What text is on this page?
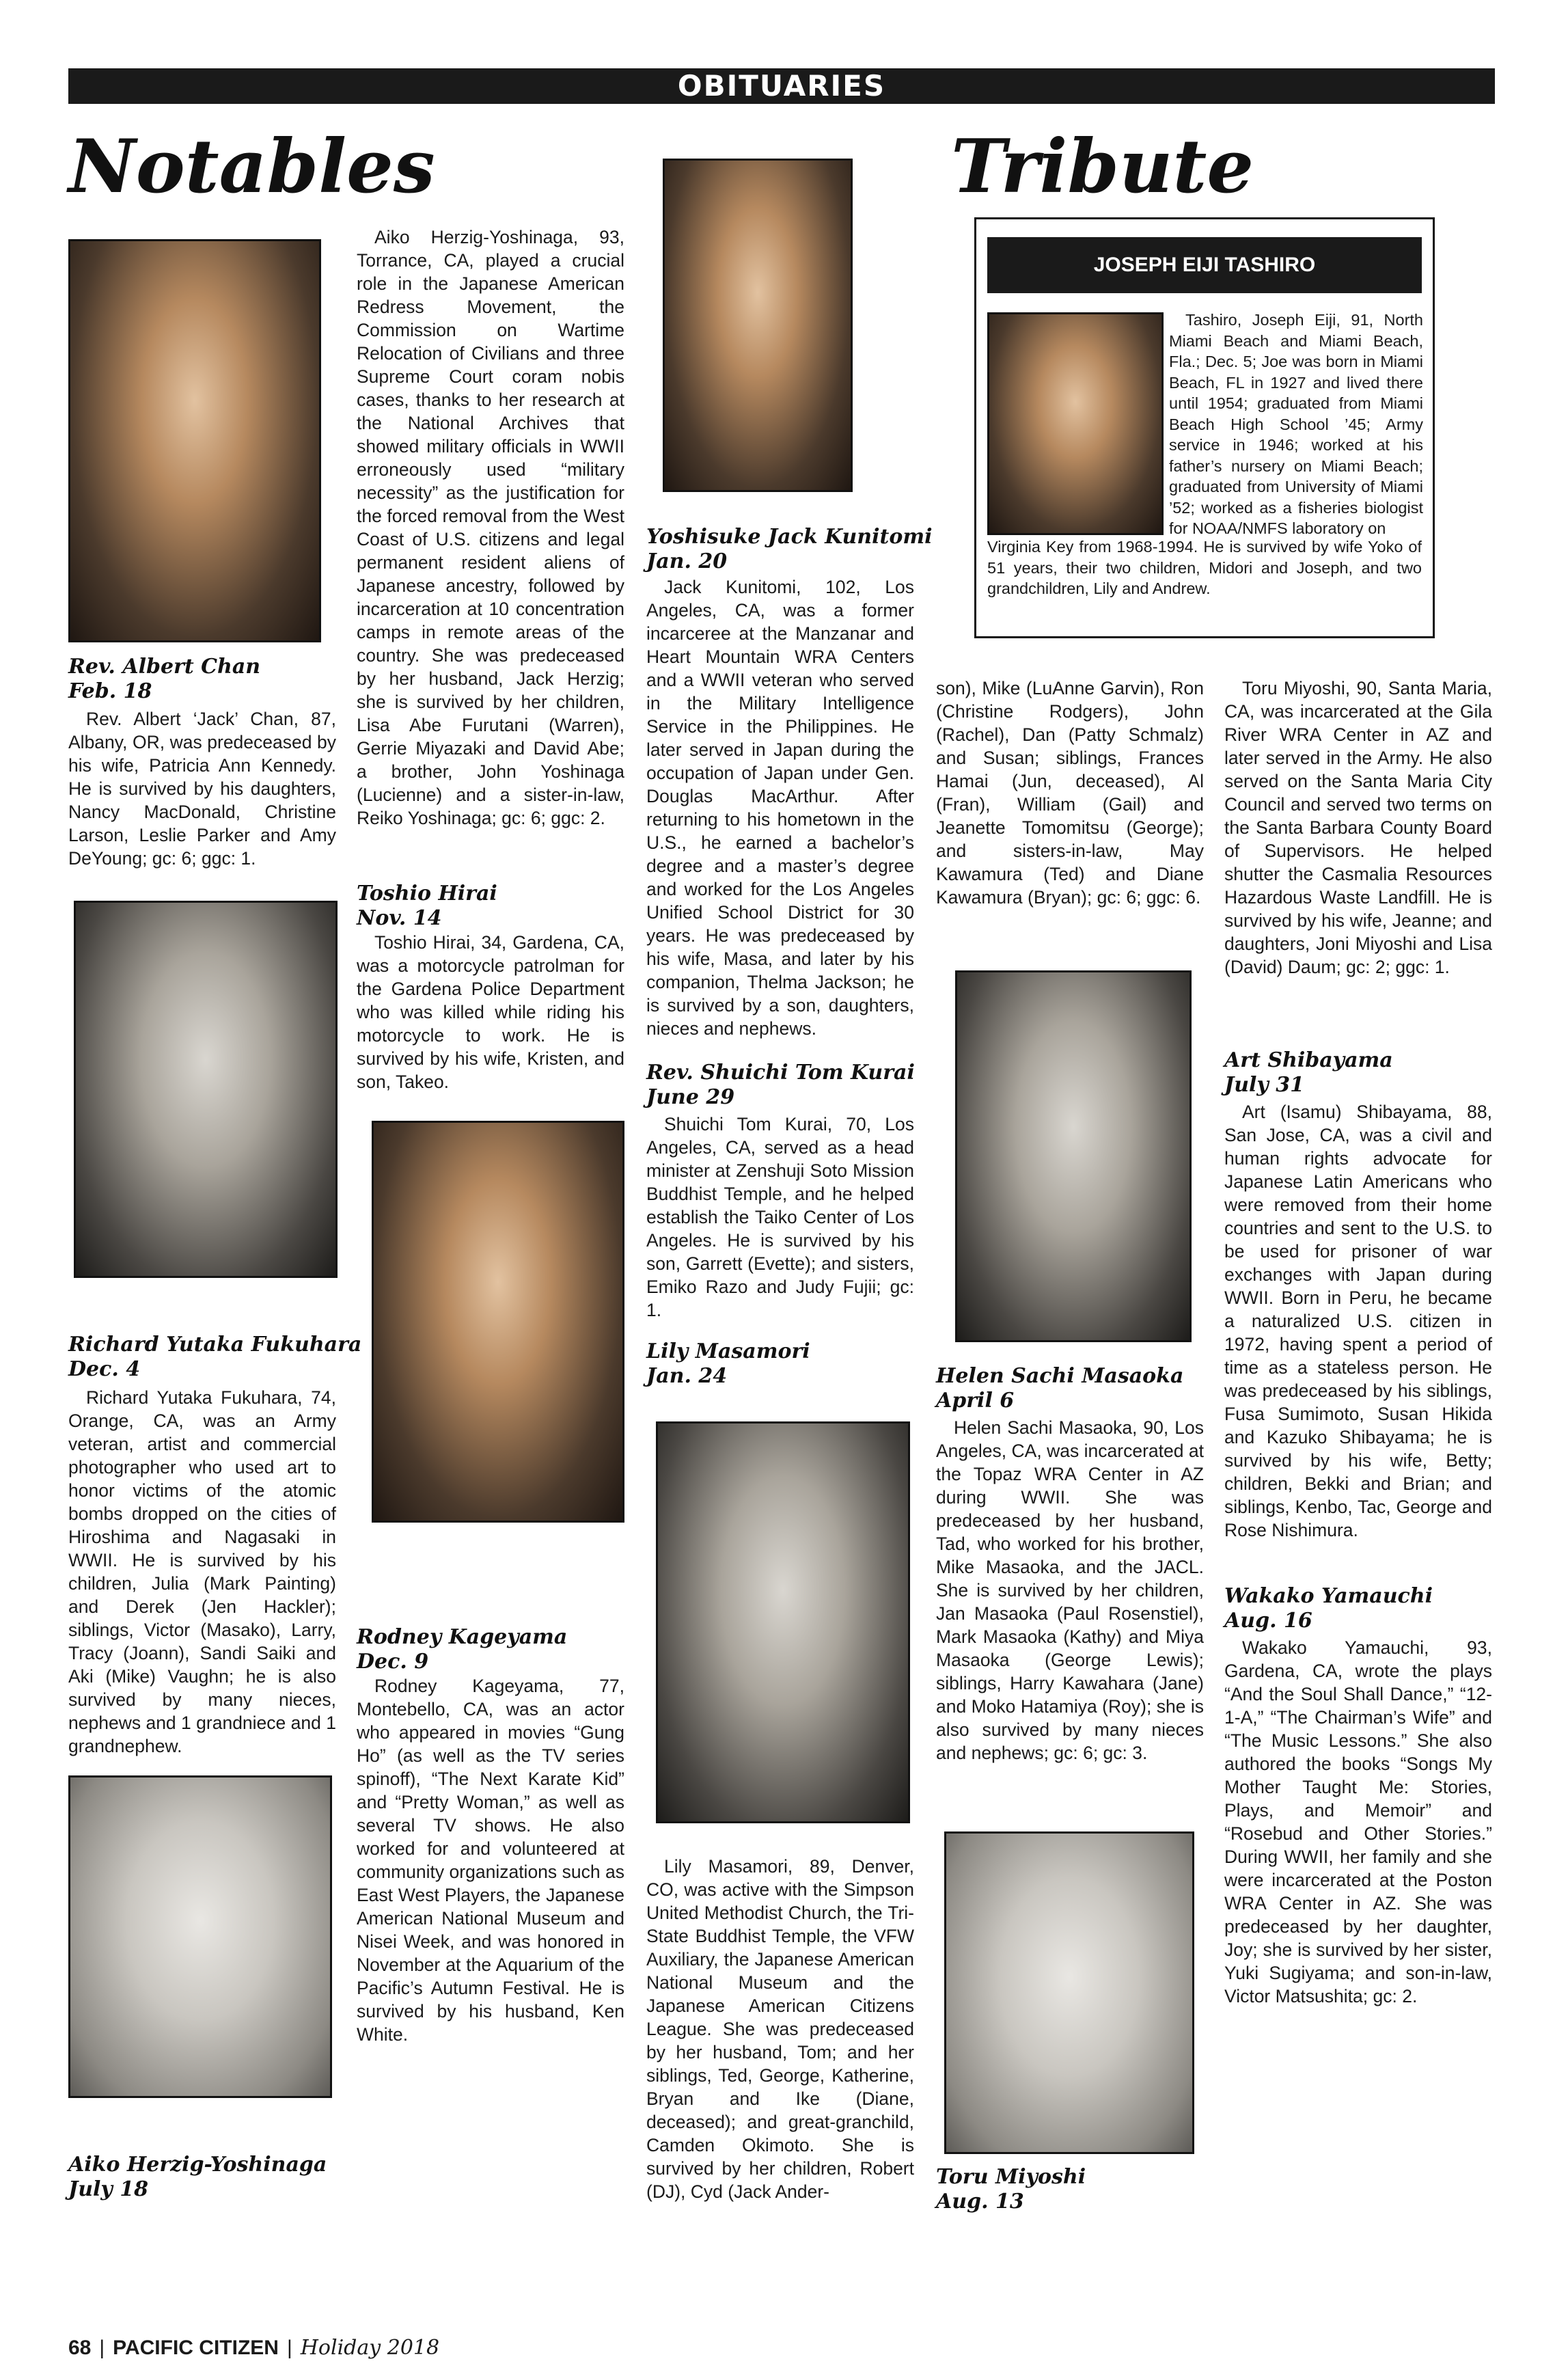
OBITUARIES
Notables	Tribute
Rev. Albert Chan
Feb. 18
Rev. Albert ‘Jack’ Chan, 87, Albany, OR, was predeceased by his wife, Patricia Ann Kennedy. He is survived by his daughters, Nancy MacDonald, Christine Larson, Leslie Parker and Amy DeYoung; gc: 6; ggc: 1.
Richard Yutaka Fukuhara
Dec. 4
Richard Yutaka Fukuhara, 74, Orange, CA, was an Army veteran, artist and commercial photographer who used art to honor victims of the atomic bombs dropped on the cities of Hiroshima and Nagasaki in WWII. He is survived by his children, Julia (Mark Painting) and Derek (Jen Hackler); siblings, Victor (Masako), Larry, Tracy (Joann), Sandi Saiki and Aki (Mike) Vaughn; he is also survived by many nieces, nephews and 1 grandniece and 1 grandnephew.
Aiko Herzig-Yoshinaga
July 18
Aiko Herzig-Yoshinaga, 93, Torrance, CA, played a crucial role in the Japanese American Redress Movement, the Commission on Wartime Relocation of Civilians and three Supreme Court coram nobis cases, thanks to her research at the National Archives that showed military officials in WWII erroneously used “military necessity” as the justification for the forced removal from the West Coast of U.S. citizens and legal permanent resident aliens of Japanese ancestry, followed by incarceration at 10 concentration camps in remote areas of the country. She was predeceased by her husband, Jack Herzig; she is survived by her children, Lisa Abe Furutani (Warren), Gerrie Miyazaki and David Abe; a brother, John Yoshinaga (Lucienne) and a sister-in-law, Reiko Yoshinaga; gc: 6; ggc: 2.
Toshio Hirai
Nov. 14
Toshio Hirai, 34, Gardena, CA, was a motorcycle patrolman for the Gardena Police Department who was killed while riding his motorcycle to work. He is survived by his wife, Kristen, and son, Takeo.
Rodney Kageyama
Dec. 9
Rodney Kageyama, 77, Montebello, CA, was an actor who appeared in movies “Gung Ho” (as well as the TV series spinoff), “The Next Karate Kid” and “Pretty Woman,” as well as several TV shows. He also worked for and volunteered at community organizations such as East West Players, the Japanese American National Museum and Nisei Week, and was honored in November at the Aquarium of the Pacific’s Autumn Festival. He is survived by his husband, Ken White.
Yoshisuke Jack Kunitomi
Jan. 20
Jack Kunitomi, 102, Los Angeles, CA, was a former incarceree at the Manzanar and Heart Mountain WRA Centers and a WWII veteran who served in the Military Intelligence Service in the Philippines. He later served in Japan during the occupation of Japan under Gen. Douglas MacArthur. After returning to his hometown in the U.S., he earned a bachelor’s degree and a master’s degree and worked for the Los Angeles Unified School District for 30 years. He was predeceased by his wife, Masa, and later by his companion, Thelma Jackson; he is survived by a son, daughters, nieces and nephews.
Rev. Shuichi Tom Kurai
June 29
Shuichi Tom Kurai, 70, Los Angeles, CA, served as a head minister at Zenshuji Soto Mission Buddhist Temple, and he helped establish the Taiko Center of Los Angeles. He is survived by his son, Garrett (Evette); and sisters, Emiko Razo and Judy Fujii; gc: 1.
Lily Masamori
Jan. 24
Lily Masamori, 89, Denver, CO, was active with the Simpson United Methodist Church, the Tri-State Buddhist Temple, the VFW Auxiliary, the Japanese American National Museum and the Japanese American Citizens League. She was predeceased by her husband, Tom; and her siblings, Ted, George, Katherine, Bryan and Ike (Diane, deceased); and great-granchild, Camden Okimoto. She is survived by her children, Robert (DJ), Cyd (Jack Ander-
JOSEPH EIJI TASHIRO
Tashiro, Joseph Eiji, 91, North Miami Beach and Miami Beach, Fla.; Dec. 5; Joe was born in Miami Beach, FL in 1927 and lived there until 1954; graduated from Miami Beach High School ’45; Army service in 1946; worked at his father’s nursery on Miami Beach; graduated from University of Miami ’52; worked as a fisheries biologist for NOAA/NMFS laboratory on
Virginia Key from 1968-1994. He is survived by wife Yoko of 51 years, their two children, Midori and Joseph, and two grandchildren, Lily and Andrew.
son), Mike (LuAnne Garvin), Ron (Christine Rodgers), John (Rachel), Dan (Patty Schmalz) and Susan; siblings, Frances Hamai (Jun, deceased), Al (Fran), William (Gail) and Jeanette Tomomitsu (George); and sisters-in-law, May Kawamura (Ted) and Diane Kawamura (Bryan); gc: 6; ggc: 6.
Helen Sachi Masaoka
April 6
Helen Sachi Masaoka, 90, Los Angeles, CA, was incarcerated at the Topaz WRA Center in AZ during WWII. She was predeceased by her husband, Tad, who worked for his brother, Mike Masaoka, and the JACL. She is survived by her children, Jan Masaoka (Paul Rosenstiel), Mark Masaoka (Kathy) and Miya Masaoka (George Lewis); siblings, Harry Kawahara (Jane) and Moko Hatamiya (Roy); she is also survived by many nieces and nephews; gc: 6; gc: 3.
Toru Miyoshi
Aug. 13
Toru Miyoshi, 90, Santa Maria, CA, was incarcerated at the Gila River WRA Center in AZ and later served in the Army. He also served on the Santa Maria City Council and served two terms on the Santa Barbara County Board of Supervisors. He helped shutter the Casmalia Resources Hazardous Waste Landfill. He is survived by his wife, Jeanne; and daughters, Joni Miyoshi and Lisa (David) Daum; gc: 2; ggc: 1.
Art Shibayama
July 31
Art (Isamu) Shibayama, 88, San Jose, CA, was a civil and human rights advocate for Japanese Latin Americans who were removed from their home countries and sent to the U.S. to be used for prisoner of war exchanges with Japan during WWII. Born in Peru, he became a naturalized U.S. citizen in 1972, having spent a period of time as a stateless person. He was predeceased by his siblings, Fusa Sumimoto, Susan Hikida and Kazuko Shibayama; he is survived by his wife, Betty; children, Bekki and Brian; and siblings, Kenbo, Tac, George and Rose Nishimura.
Wakako Yamauchi
Aug. 16
Wakako Yamauchi, 93, Gardena, CA, wrote the plays “And the Soul Shall Dance,” “12-1-A,” “The Chairman’s Wife” and “The Music Lessons.” She also authored the books “Songs My Mother Taught Me: Stories, Plays, and Memoir” and “Rosebud and Other Stories.” During WWII, her family and she were incarcerated at the Poston WRA Center in AZ. She was predeceased by her daughter, Joy; she is survived by her sister, Yuki Sugiyama; and son-in-law, Victor Matsushita; gc: 2.
68 | PACIFIC CITIZEN | Holiday 2018
